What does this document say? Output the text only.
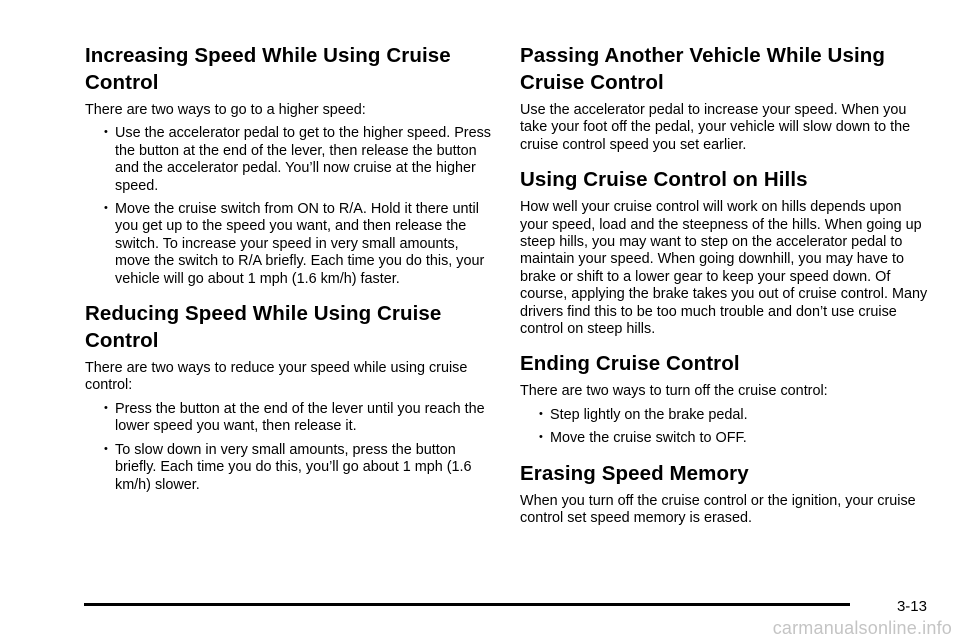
Increasing Speed While Using Cruise Control

There are two ways to go to a higher speed:

• Use the accelerator pedal to get to the higher speed. Press the button at the end of the lever, then release the button and the accelerator pedal. You’ll now cruise at the higher speed.
• Move the cruise switch from ON to R/A. Hold it there until you get up to the speed you want, and then release the switch. To increase your speed in very small amounts, move the switch to R/A briefly. Each time you do this, your vehicle will go about 1 mph (1.6 km/h) faster.
Reducing Speed While Using Cruise Control

There are two ways to reduce your speed while using cruise control:

• Press the button at the end of the lever until you reach the lower speed you want, then release it.
• To slow down in very small amounts, press the button briefly. Each time you do this, you’ll go about 1 mph (1.6 km/h) slower.
Passing Another Vehicle While Using Cruise Control

Use the accelerator pedal to increase your speed. When you take your foot off the pedal, your vehicle will slow down to the cruise control speed you set earlier.

Using Cruise Control on Hills

How well your cruise control will work on hills depends upon your speed, load and the steepness of the hills. When going up steep hills, you may want to step on the accelerator pedal to maintain your speed. When going downhill, you may have to brake or shift to a lower gear to keep your speed down. Of course, applying the brake takes you out of cruise control. Many drivers find this to be too much trouble and don’t use cruise control on steep hills.

Ending Cruise Control

There are two ways to turn off the cruise control:

• Step lightly on the brake pedal.
• Move the cruise switch to OFF.
Erasing Speed Memory

When you turn off the cruise control or the ignition, your cruise control set speed memory is erased.

3-13
carmanualsonline.info
